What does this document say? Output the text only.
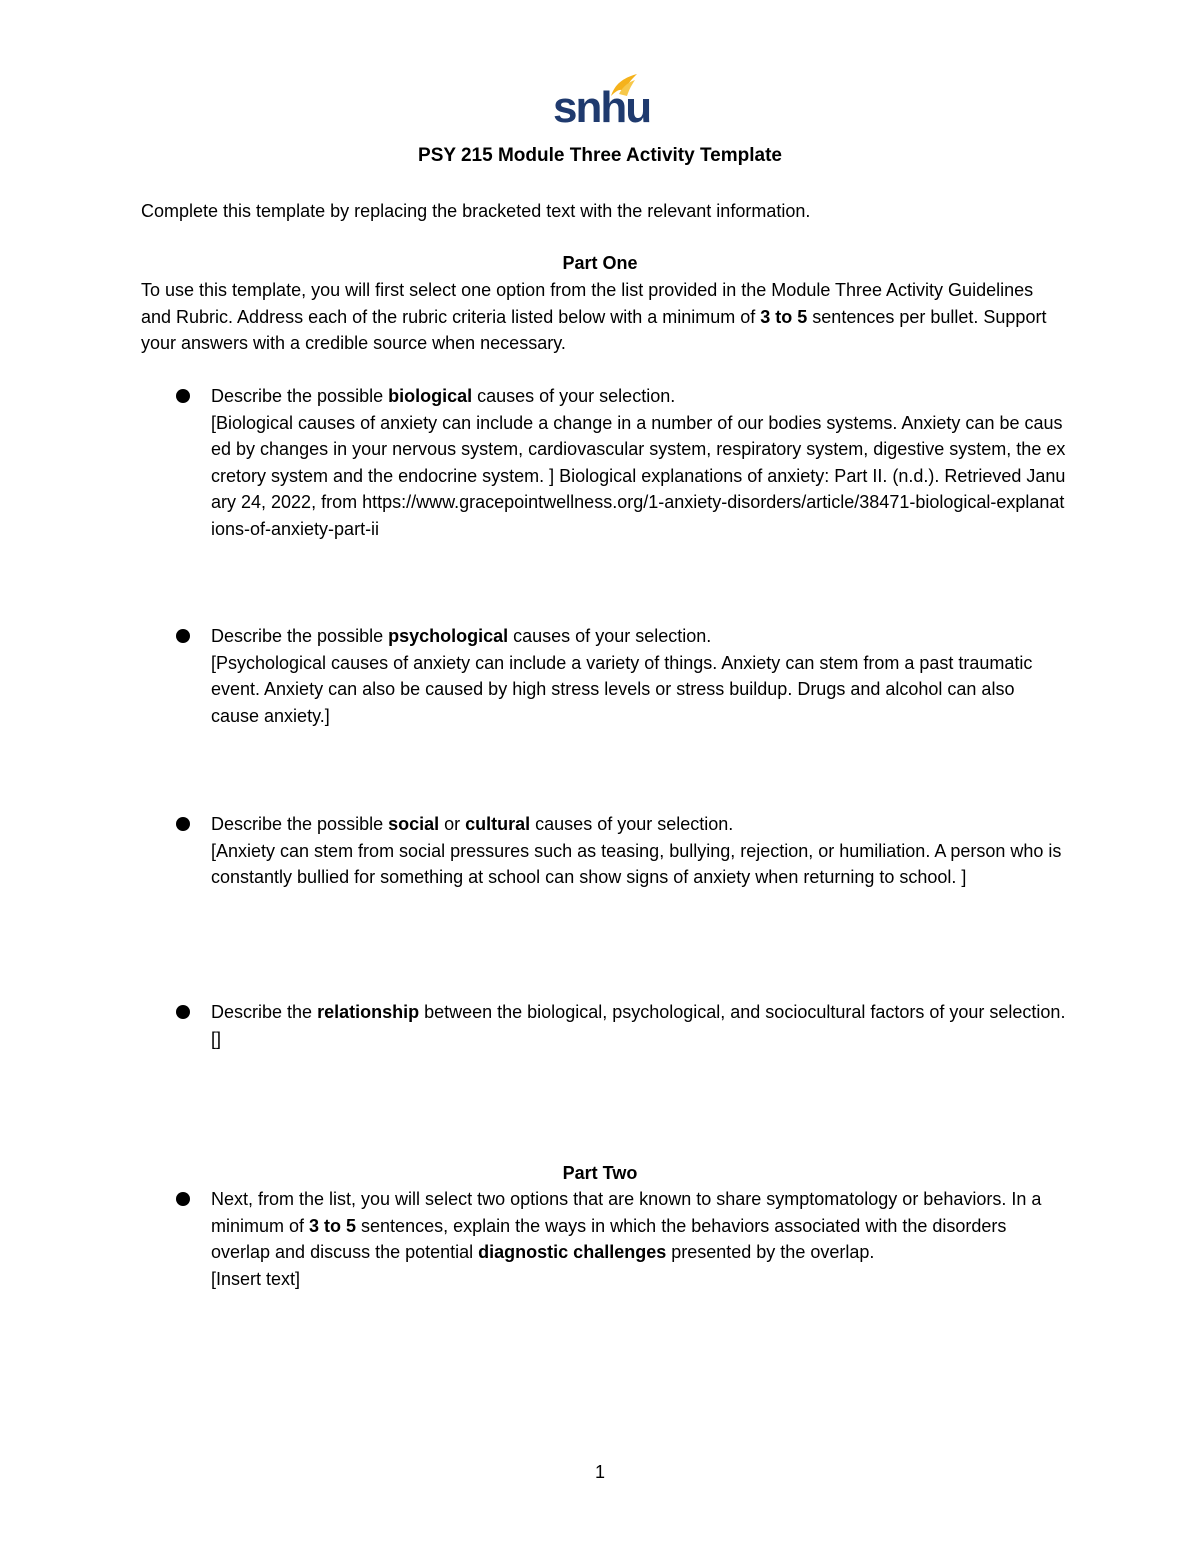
snhu
PSY 215 Module Three Activity Template
Complete this template by replacing the bracketed text with the relevant information.
Part One
To use this template, you will first select one option from the list provided in the Module Three Activity Guidelines and Rubric. Address each of the rubric criteria listed below with a minimum of 3 to 5 sentences per bullet. Support your answers with a credible source when necessary.
Describe the possible biological causes of your selection.
[Biological causes of anxiety can include a change in a number of our bodies systems. Anxiety can be caused by changes in your nervous system, cardiovascular system, respiratory system, digestive system, the excretory system and the endocrine system. ] Biological explanations of anxiety: Part II. (n.d.). Retrieved January 24, 2022, from https://www.gracepointwellness.org/1-anxiety-disorders/article/38471-biological-explanations-of-anxiety-part-ii
Describe the possible psychological causes of your selection.
[Psychological causes of anxiety can include a variety of things. Anxiety can stem from a past traumatic event. Anxiety can also be caused by high stress levels or stress buildup. Drugs and alcohol can also cause anxiety.]
Describe the possible social or cultural causes of your selection.
[Anxiety can stem from social pressures such as teasing, bullying, rejection, or humiliation. A person who is constantly bullied for something at school can show signs of anxiety when returning to school. ]
Describe the relationship between the biological, psychological, and sociocultural factors of your selection.
[]
Part Two
Next, from the list, you will select two options that are known to share symptomatology or behaviors. In a minimum of 3 to 5 sentences, explain the ways in which the behaviors associated with the disorders overlap and discuss the potential diagnostic challenges presented by the overlap.
[Insert text]
1
